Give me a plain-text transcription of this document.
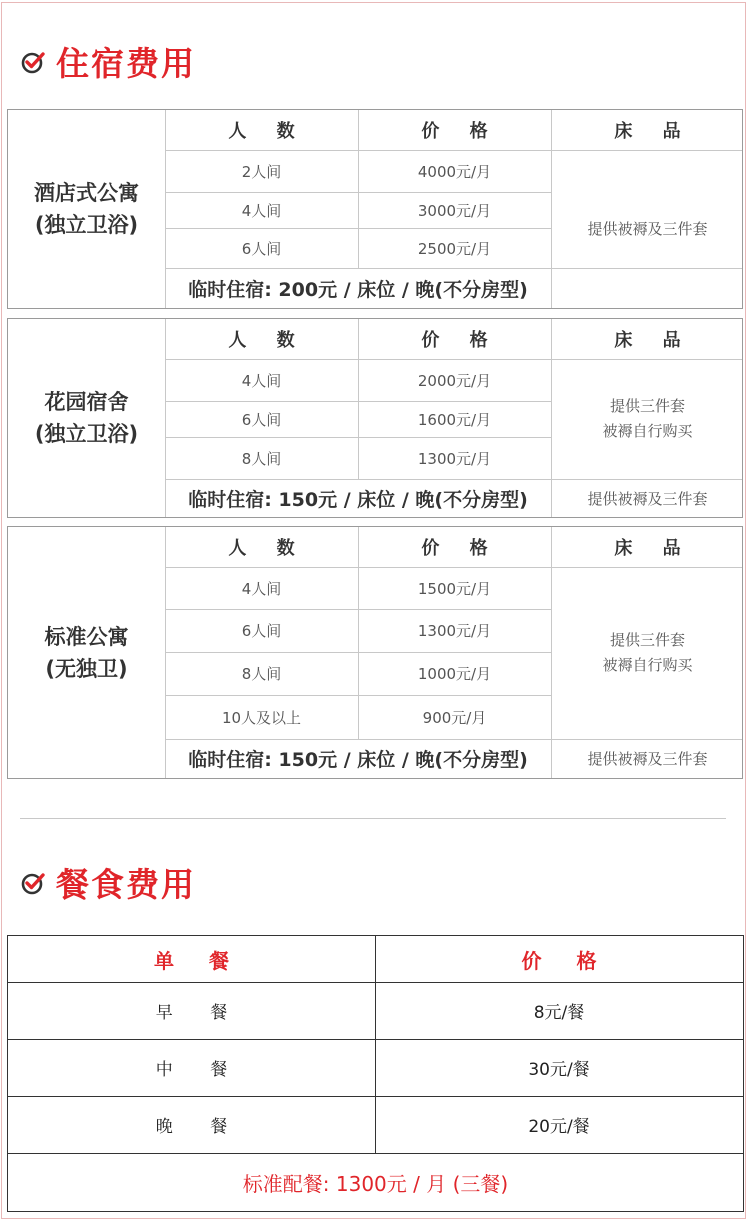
住宿费用
酒店式公寓
(独立卫浴)
人 数	价 格	床 品
2人间	4000元/月
4人间	3000元/月
6人间	2500元/月
提供被褥及三件套
临时住宿: 200元 / 床位 / 晚(不分房型)
花园宿舍
(独立卫浴)
人 数	价 格	床 品
4人间	2000元/月
6人间	1600元/月
8人间	1300元/月
提供三件套
被褥自行购买
临时住宿: 150元 / 床位 / 晚(不分房型)	提供被褥及三件套
标准公寓
(无独卫)
人 数	价 格	床 品
4人间	1500元/月
6人间	1300元/月
8人间	1000元/月
10人及以上	900元/月
提供三件套
被褥自行购买
临时住宿: 150元 / 床位 / 晚(不分房型)	提供被褥及三件套
餐食费用
单 餐	价 格
早 餐	8元/餐
中 餐	30元/餐
晚 餐	20元/餐
标准配餐: 1300元 / 月 (三餐)
